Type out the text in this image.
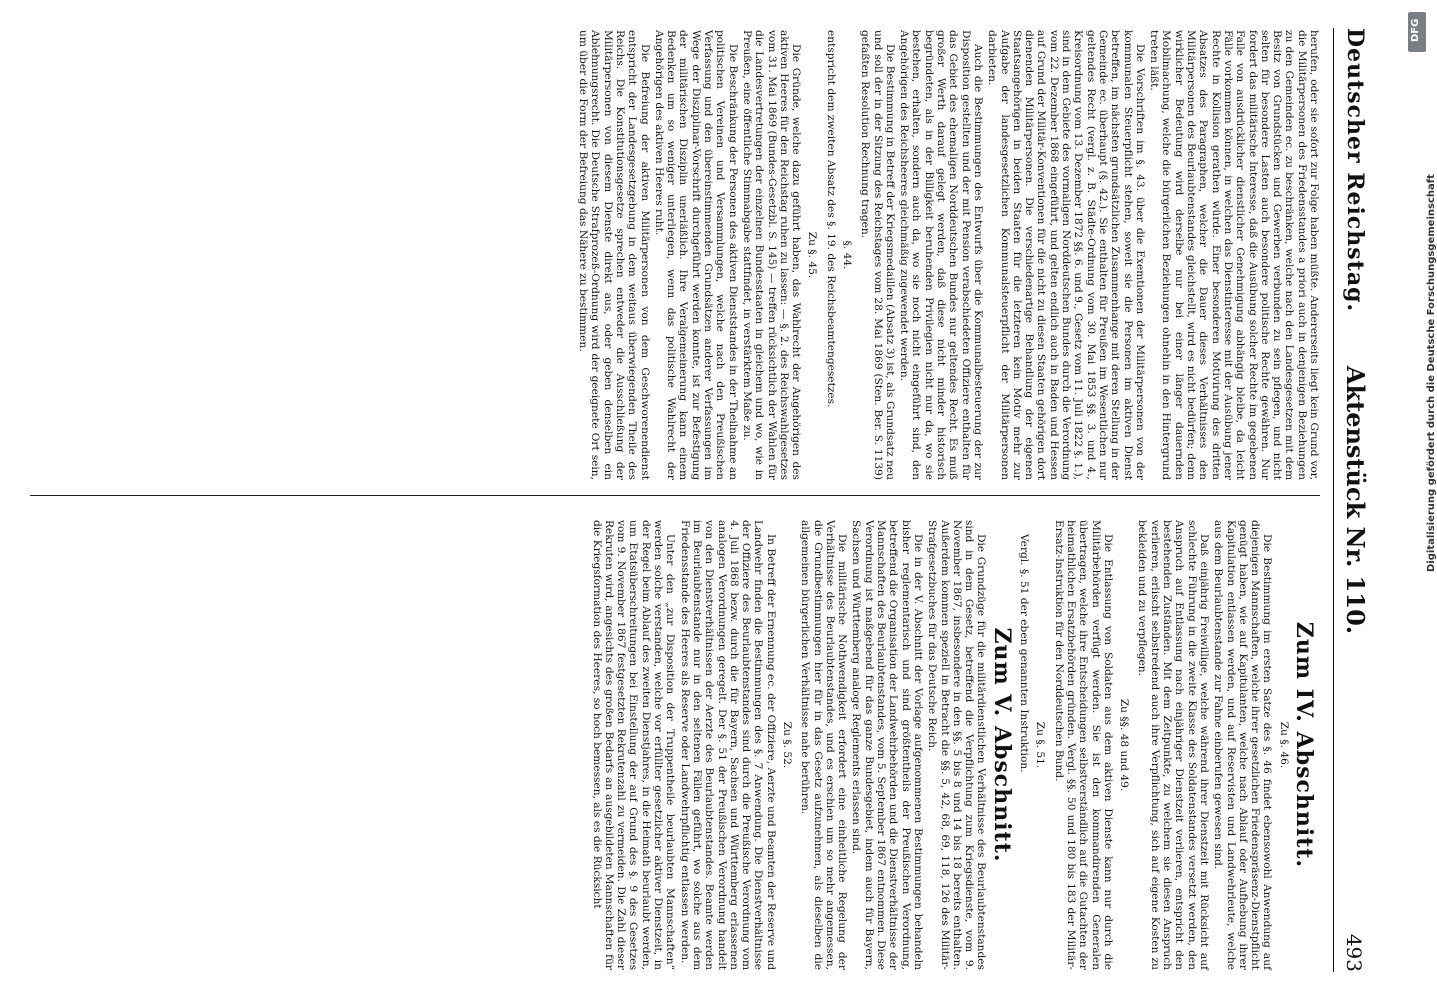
Deutscher Reichstag.
Aktenstück Nr. 110.
493

herufen, oder sie sofort zur Folge haben müßte. Andererseits liegt kein Grund vor, die Militärpersonen des Friedensstandes a priori auch in denjenigen Beziehungen zu den Gemeinden ec. zu beschränken, welche nach den Landesgesetzen mit dem Besitz von Grundstücken und Gewerben verbunden zu sein pflegen, und nicht selten für besondere Lasten auch besondere politische Rechte gewähren. Nur fordert das militärische Interesse, daß die Ausübung solcher Rechte im gegebenen Falle von ausdrücklicher dienstlicher Genehmigung abhängig bleibe, da leicht Fälle vorkommen können, in welchen das Dienstinteresse mit der Ausübung jener Rechte in Kollision gerathen würde. Einer besonderen Motivirung des dritten Absatzes des Paragraphen, welcher die Dauer dieses Verhältnisses den Militärpersonen des Beurlaubtenstandes gleichstellt, wird es nicht bedürfen; denn wirklicher Bedeutung wird derselbe nur bei einer länger dauernden Mobilmachung, welche die bürgerlichen Beziehungen ohnehin in den Hintergrund treten läßt.

Die Vorschriften im §. 43. über die Exemtionen der Militärpersonen von der kommunalen Steuerpflicht stehen, soweit sie die Personen im aktiven Dienst betreffen, im nächsten grundsätzlichen Zusammenhange mit deren Stellung in der Gemeinde ec. überhaupt (§. 42.). Sie enthalten für Preußen im Wesentlichen nur geltendes Recht (vergl. z. B. Städte-Ordnung vom 30. Mai 1853 §§. 3. und 4., Kreisordnung vom 13. Dezember 1872 §§. 6. und 9., Gesetz vom 11. Juli 1822 §. 1.), sind in dem Gebiete des vormaligen Norddeutschen Bundes durch die Verordnung vom 22. Dezember 1868 eingeführt, und gelten endlich auch in Baden und Hessen auf Grund der Militär-Konventionen für die nicht zu diesen Staaten gehörigen dort dienenden Militärpersonen. Die verschiedenartige Behandlung der eigenen Staatsangehörigen in beiden Staaten für die letzteren kein Motiv mehr zur Aufgabe der landesgesetzlichen Kommunalsteuerpflicht der Militärpersonen darbieten.

Auch die Bestimmungen des Entwurfs über die Kommunalbesteuerung der zur Disposition gestellten und der mit Pension verabschiedeten Offiziere enthalten für das Gebiet des ehemaligen Norddeutschen Bundes nur geltendes Recht. Es muß großer Werth darauf gelegt werden, daß diese nicht minder historisch begründeten, als in der Billigkeit beruhenden Privilegien nicht nur da, wo sie bestehen, erhalten, sondern auch da, wo sie noch nicht eingeführt sind, den Angehörigen des Reichsheeres gleichmäßig zugewendet werden.

Die Bestimmung in Betreff der Kriegsmedaillen (Absatz 3) ist, als Grundsatz neu und soll der in der Sitzung des Reichstages vom 28. Mai 1869 (Sten. Ber. S. 1139) gefaßten Resolution Rechnung tragen.

§. 44.

entspricht dem zweiten Absatz des §. 19. des Reichsbeamtengesetzes.

Zu §. 45.

Die Gründe, welche dazu geführt haben, das Wahlrecht der Angehörigen des aktiven Heeres für den Reichstag ruhen zu lassen: — §. 2. des Reichswahlgesetzes vom 31. Mai 1869 (Bundes-Gesetzbl. S. 145) — treffen rücksichtlich der Wahlen für die Landesvertretungen der einzelnen Bundesstaaten in gleichem und wo, wie in Preußen, eine öffentliche Stimmabgabe stattfindet, in verstärktem Maße zu.

Die Beschränkung der Personen des aktiven Dienststandes in der Theilnahme an politischen Vereinen und Versammlungen, welche nach den Preußischen Verfassung und den übereinstimmenden Grundsätzen anderer Verfassungen im Wege der Disziplinar-Vorschrift durchgeführt werden konnte, ist zur Befestigung der militärischen Disziplin unerläßlich. Ihre Veralgemeinerung kann einem Bedenken um so weniger unterliegen, wenn das politische Wahlrecht der Angehörigen des aktiven Heeres ruht.

Die Befreiung der aktiven Militärpersonen von dem Geschworenendienst entspricht der Landesgesetzgebung in dem weitaus überwiegenden Theile des Reichs. Die Konstitutionsgesetze sprechen entweder die Ausschließung der Militärpersonen von diesem Dienste direkt aus, oder geben denselben ein Ablehnungsrecht. Die Deutsche Strafprozeß-Ordnung wird der geeignete Ort sein, um über die Form der Befreiung das Nähere zu bestimmen.

Zum IV. Abschnitt.
Zu §. 46.

Die Bestimmung im ersten Satze des §. 46 findet ebensowohl Anwendung auf diejenigen Mannschaften, welche ihrer gesetzlichen Friedenspräsenz-Dienstpflicht genügt haben, wie auf Kapitulanten, welche nach Ablauf oder Aufhebung ihrer Kapitulation entlassen werden, und auf Reservisten und Landwehrleute, welche aus dem Beurlaubtenstande zur Fahne einberufen gewesen sind.

Daß einjährig Freiwillige, welche während ihrer Dienstzeit mit Rücksicht auf schlechte Führung in die zweite Klasse des Soldatenstandes versetzt werden, den Anspruch auf Entlassung nach einjähriger Dienstzeit verlieren, entspricht den bestehenden Zuständen. Mit dem Zeitpunkte, zu welchem sie diesen Anspruch verlieren, erlischt selbstredend auch ihre Verpflichtung, sich auf eigene Kosten zu bekleiden und zu verpflegen.

Zu §§. 48 und 49.

Die Entlassung von Soldaten aus dem aktiven Dienste kann nur durch die Militärbehörden verfügt werden. Sie ist den kommandirenden Generalen übertragen, welche ihre Entscheidungen selbstverständlich auf die Gutachten der heimathlichen Ersatzbehörden gründen. Vergl. §§. 50 und 180 bis 183 der Militär-Ersatz-Instruktion für den Norddeutschen Bund.

Zu §. 51.

Vergl. §. 51 der eben genannten Instruktion.

Zum V. Abschnitt.

Die Grundzüge für die militärdienstlichen Verhältnisse des Beurlaubtenstandes sind in dem Gesetz, betreffend die Verpflichtung zum Kriegsdienste, vom 9. November 1867, insbesondere in den §§. 5 bis 8 und 14 bis 18 bereits enthalten. Außerdem kommen speziell in Betracht die §§. 5, 42, 68, 69, 118, 126 des Militär-Strafgesetzbuches für das Deutsche Reich.

Die in der V. Abschnitt der Vorlage aufgenommenen Bestimmungen behandeln bisher reglementarisch und sind größtentheils der Preußischen Verordnung, betreffend die Organisation der Landwehrbehörden und die Dienstverhältnisse der Mannschaften des Beurlaubtenstandes, vom 5. September 1867 entnommen. Diese Verordnung ist maßgebend für das ganze Bundesgebiet, indem auch für Bayern, Sachsen und Württemberg analoge Reglements erlassen sind.

Die militärische Nothwendigkeit erfordert eine einheitliche Regelung der Verhältnisse des Beurlaubtenstandes, und es erschien um so mehr angemessen, die Grundbestimmungen hier für in das Gesetz aufzunehmen, als dieselben die allgemeinen bürgerlichen Verhältnisse nahe berühren.

Zu §. 52.

In Betreff der Ernennung ec. der Offiziere, Aerzte und Beamten der Reserve und Landwehr finden die Bestimmungen des §. 7 Anwendung. Die Dienstverhältnisse der Offiziere des Beurlaubtenstandes sind durch die Preußische Verordnung vom 4. Juli 1868 bezw. durch die für Bayern, Sachsen und Württemberg erlassenen analogen Verordnungen geregelt. Der §. 51 der Preußischen Verordnung handelt von den Dienstverhältnissen der Aerzte des Beurlaubtenstandes. Beamte werden im Beurlaubtenstande nur in den seltenen Fällen geführt, wo solche aus dem Friedensstande des Heeres als Reserve oder Landwehrpflichtig entlassen werden.

Unter den „zur Disposition der Truppentheile beurlaubten Mannschaften“ werden solche verstanden, welche vor erfüllter gesetzlicher aktiver Dienstzeit, in der Regel beim Ablauf des zweiten Dienstjahres, in die Heimath beurlaubt werden, um Etatsüberschreitungen bei Einstellung der auf Grund des §. 9 des Gesetzes vom 9. November 1867 festgesetzten Rekrutenzahl zu vermeiden. Die Zahl dieser Rekruten wird, angesichts des großen Bedarfs an ausgebildeten Mannschaften für die Kriegsformation des Heeres, so hoch bemessen, als es die Rücksicht

DFG
Digitalisierung gefördert durch die Deutsche Forschungsgemeinschaft
